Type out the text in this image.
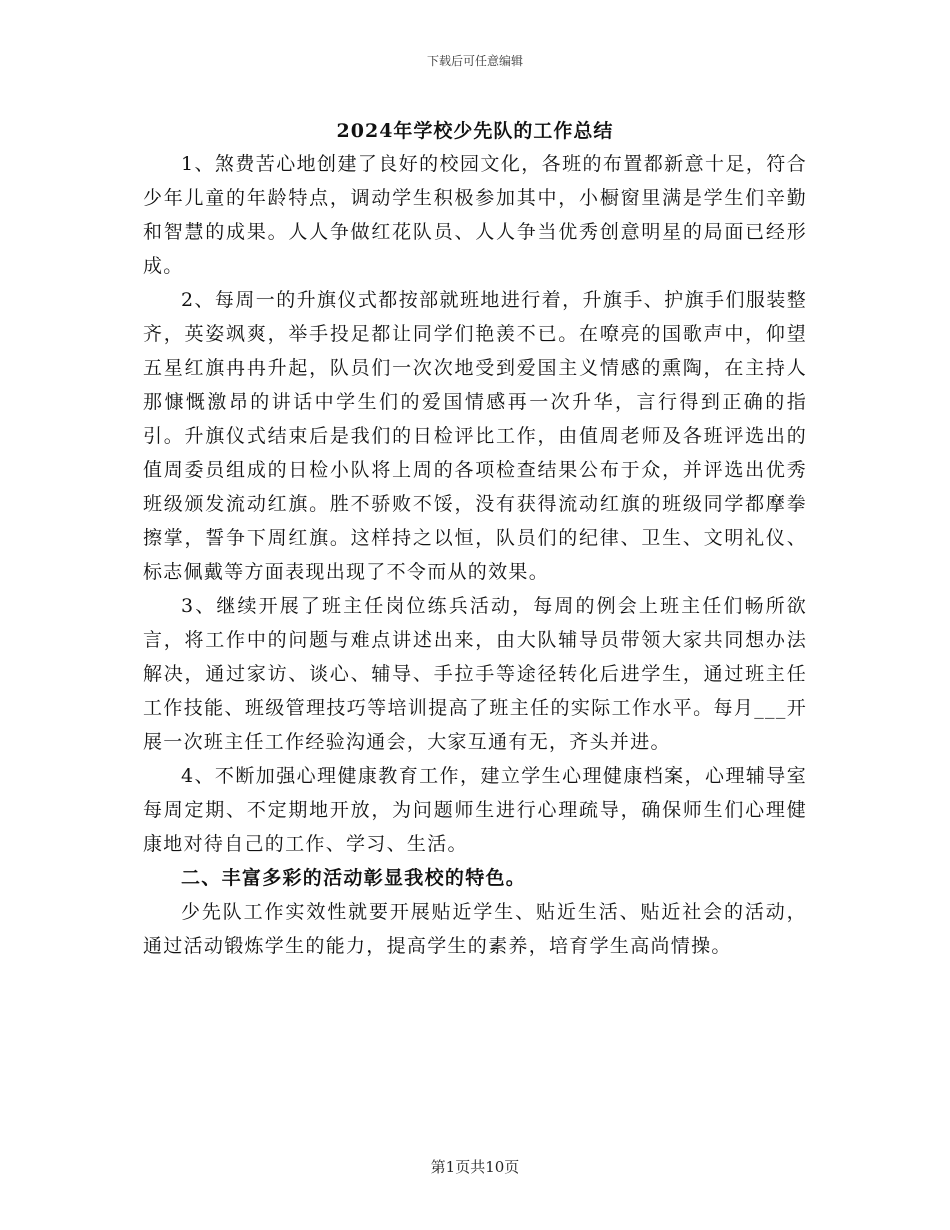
下载后可任意编辑
2024年学校少先队的工作总结

1、煞费苦心地创建了良好的校园文化，各班的布置都新意十足，符合少年儿童的年龄特点，调动学生积极参加其中，小橱窗里满是学生们辛勤和智慧的成果。人人争做红花队员、人人争当优秀创意明星的局面已经形成。

2、每周一的升旗仪式都按部就班地进行着，升旗手、护旗手们服装整齐，英姿飒爽，举手投足都让同学们艳羡不已。在嘹亮的国歌声中，仰望五星红旗冉冉升起，队员们一次次地受到爱国主义情感的熏陶，在主持人那慷慨激昂的讲话中学生们的爱国情感再一次升华，言行得到正确的指引。升旗仪式结束后是我们的日检评比工作，由值周老师及各班评选出的值周委员组成的日检小队将上周的各项检查结果公布于众，并评选出优秀班级颁发流动红旗。胜不骄败不馁，没有获得流动红旗的班级同学都摩拳擦掌，誓争下周红旗。这样持之以恒，队员们的纪律、卫生、文明礼仪、标志佩戴等方面表现出现了不令而从的效果。

3、继续开展了班主任岗位练兵活动，每周的例会上班主任们畅所欲言，将工作中的问题与难点讲述出来，由大队辅导员带领大家共同想办法解决，通过家访、谈心、辅导、手拉手等途径转化后进学生，通过班主任工作技能、班级管理技巧等培训提高了班主任的实际工作水平。每月___开展一次班主任工作经验沟通会，大家互通有无，齐头并进。

4、不断加强心理健康教育工作，建立学生心理健康档案，心理辅导室每周定期、不定期地开放，为问题师生进行心理疏导，确保师生们心理健康地对待自己的工作、学习、生活。

二、丰富多彩的活动彰显我校的特色。

少先队工作实效性就要开展贴近学生、贴近生活、贴近社会的活动，通过活动锻炼学生的能力，提高学生的素养，培育学生高尚情操。

第1页共10页
